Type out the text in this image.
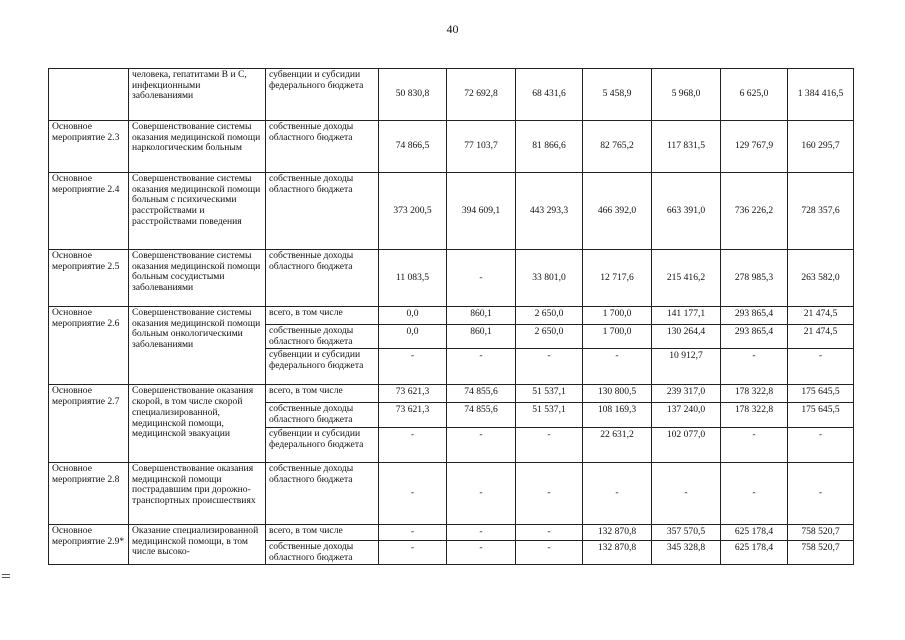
40
	человека, гепатитами В и С, инфекционными заболеваниями	субвенции и субсидии федерального бюджета	50 830,8	72 692,8	68 431,6	5 458,9	5 968,0	6 625,0	1 384 416,5
Основное мероприятие 2.3	Совершенствование системы оказания медицинской помощи наркологическим больным	собственные доходы областного бюджета	74 866,5	77 103,7	81 866,6	82 765,2	117 831,5	129 767,9	160 295,7
Основное мероприятие 2.4	Совершенствование системы оказания медицинской помощи больным с психическими расстройствами и расстройствами поведения	собственные доходы областного бюджета	373 200,5	394 609,1	443 293,3	466 392,0	663 391,0	736 226,2	728 357,6
Основное мероприятие 2.5	Совершенствование системы оказания медицинской помощи больным сосудистыми заболеваниями	собственные доходы областного бюджета	11 083,5	-	33 801,0	12 717,6	215 416,2	278 985,3	263 582,0
Основное мероприятие 2.6	Совершенствование системы оказания медицинской помощи больным онкологическими заболеваниями	всего, в том числе	0,0	860,1	2 650,0	1 700,0	141 177,1	293 865,4	21 474,5
		собственные доходы областного бюджета	0,0	860,1	2 650,0	1 700,0	130 264,4	293 865,4	21 474,5
		субвенции и субсидии федерального бюджета	-	-	-	-	10 912,7	-	-
Основное мероприятие 2.7	Совершенствование оказания скорой, в том числе скорой специализированной, медицинской помощи, медицинской эвакуации	всего, в том числе	73 621,3	74 855,6	51 537,1	130 800,5	239 317,0	178 322,8	175 645,5
		собственные доходы областного бюджета	73 621,3	74 855,6	51 537,1	108 169,3	137 240,0	178 322,8	175 645,5
		субвенции и субсидии федерального бюджета	-	-	-	22 631,2	102 077,0	-	-
Основное мероприятие 2.8	Совершенствование оказания медицинской помощи пострадавшим при дорожно-транспортных происшествиях	собственные доходы областного бюджета	-	-	-	-	-	-	-
Основное мероприятие 2.9*	Оказание специализированной медицинской помощи, в том числе высоко-	всего, в том числе	-	-	-	132 870,8	357 570,5	625 178,4	758 520,7
		собственные доходы областного бюджета	-	-	-	132 870,8	345 328,8	625 178,4	758 520,7
